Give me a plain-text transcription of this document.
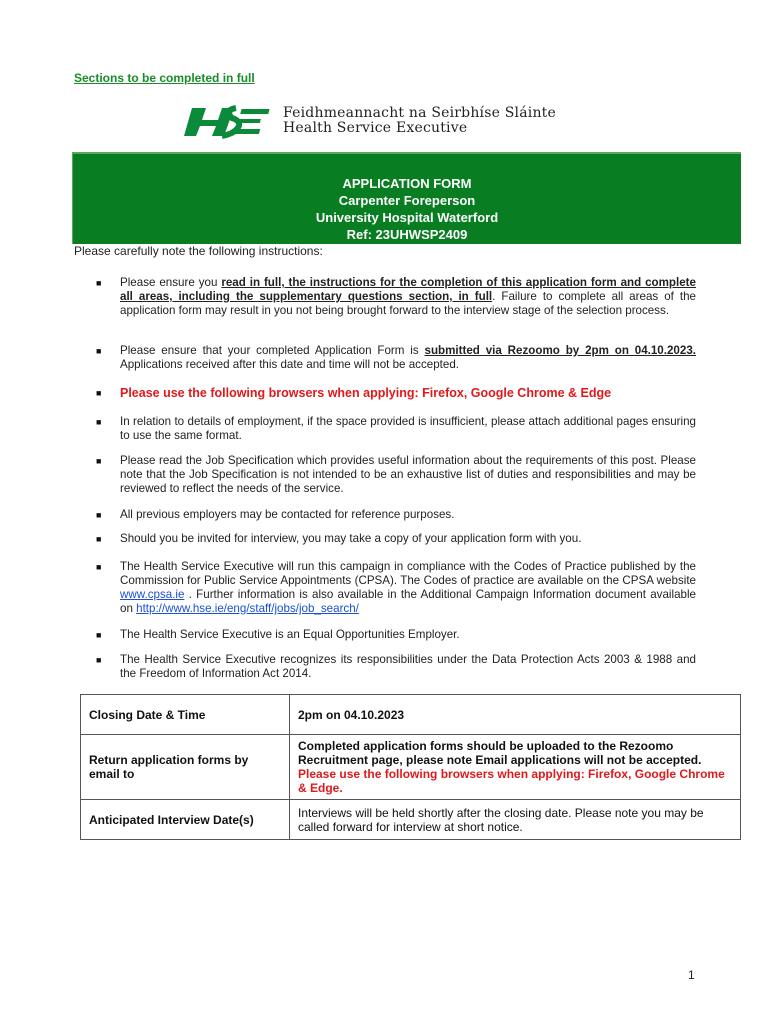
Sections to be completed in full
Feidhmeannacht na Seirbhíse Sláinte
Health Service Executive
APPLICATION FORM
Carpenter Foreperson
University Hospital Waterford
Ref: 23UHWSP2409
Please carefully note the following instructions:
■ Please ensure you read in full, the instructions for the completion of this application form and complete all areas, including the supplementary questions section, in full. Failure to complete all areas of the application form may result in you not being brought forward to the interview stage of the selection process.
■ Please ensure that your completed Application Form is submitted via Rezoomo by 2pm on 04.10.2023. Applications received after this date and time will not be accepted.
■ Please use the following browsers when applying: Firefox, Google Chrome & Edge
■ In relation to details of employment, if the space provided is insufficient, please attach additional pages ensuring to use the same format.
■ Please read the Job Specification which provides useful information about the requirements of this post. Please note that the Job Specification is not intended to be an exhaustive list of duties and responsibilities and may be reviewed to reflect the needs of the service.
■ All previous employers may be contacted for reference purposes.
■ Should you be invited for interview, you may take a copy of your application form with you.
■ The Health Service Executive will run this campaign in compliance with the Codes of Practice published by the Commission for Public Service Appointments (CPSA). The Codes of practice are available on the CPSA website www.cpsa.ie . Further information is also available in the Additional Campaign Information document available on http://www.hse.ie/eng/staff/jobs/job_search/
■ The Health Service Executive is an Equal Opportunities Employer.
■ The Health Service Executive recognizes its responsibilities under the Data Protection Acts 2003 & 1988 and the Freedom of Information Act 2014.
Closing Date & Time	2pm on 04.10.2023
Return application forms by email to	Completed application forms should be uploaded to the Rezoomo Recruitment page, please note Email applications will not be accepted. Please use the following browsers when applying: Firefox, Google Chrome & Edge.
Anticipated Interview Date(s)	Interviews will be held shortly after the closing date. Please note you may be called forward for interview at short notice.
1
